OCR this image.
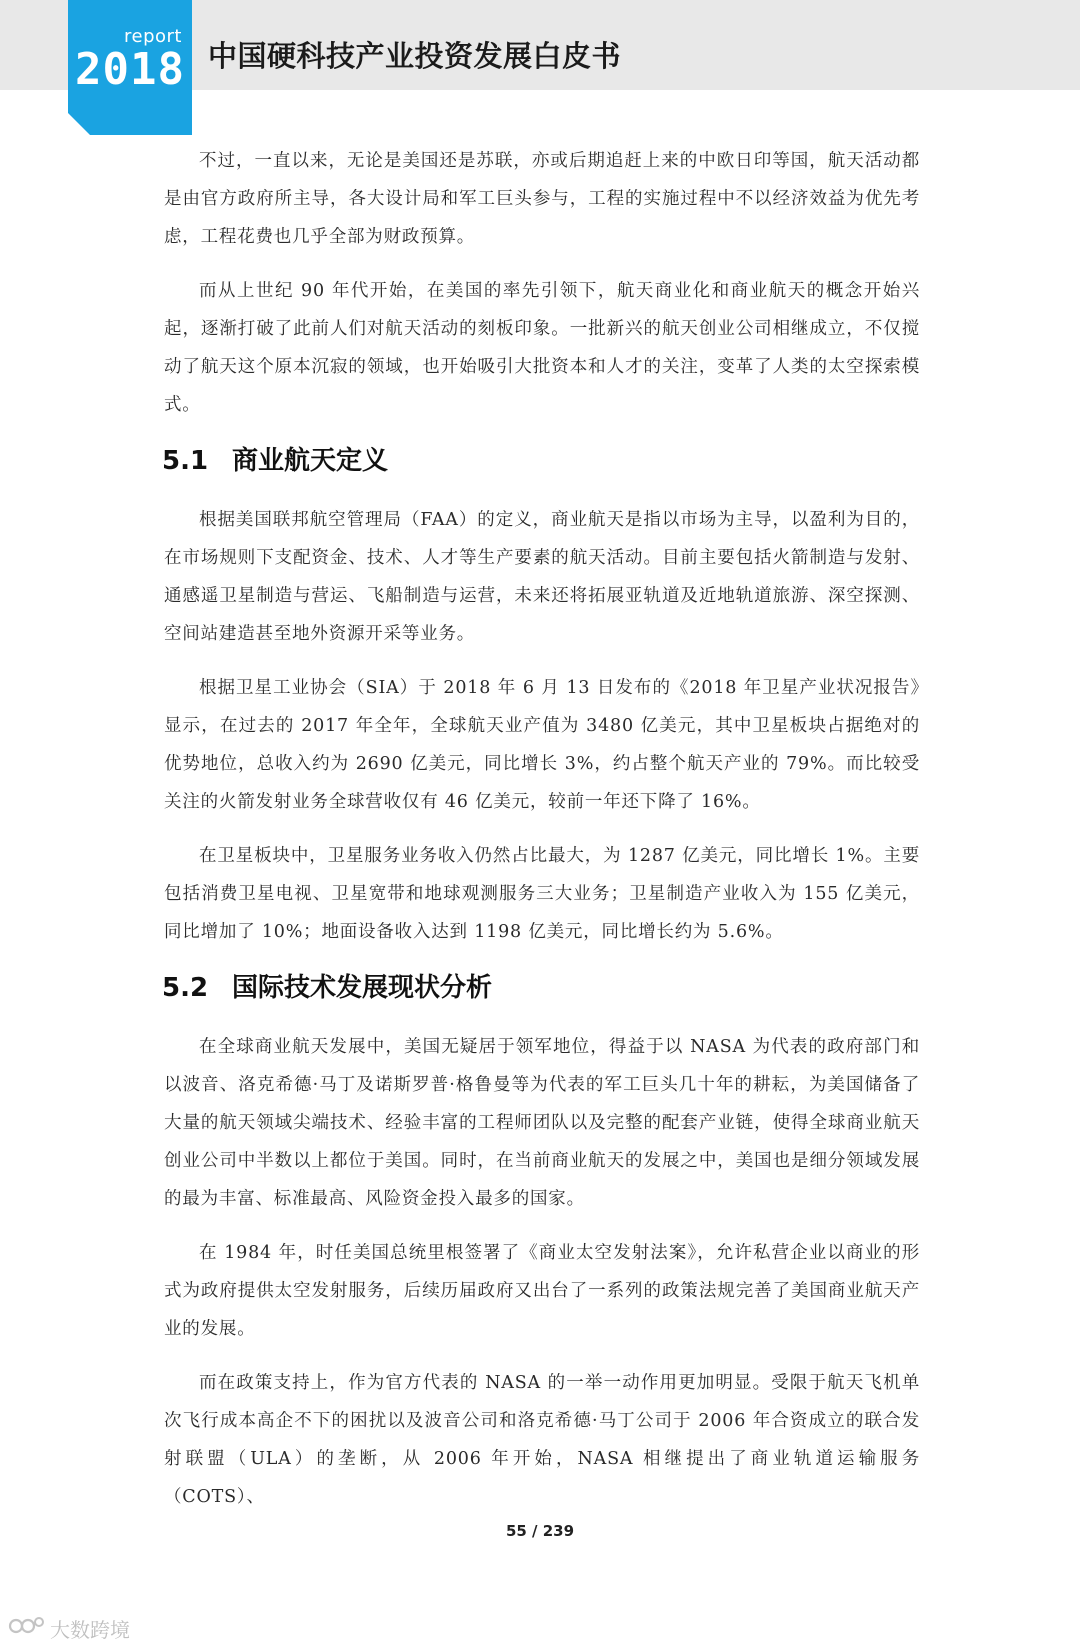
report
2018 中国硬科技产业投资发展白皮书

不过，一直以来，无论是美国还是苏联，亦或后期追赶上来的中欧日印等国，航天活动都是由官方政府所主导，各大设计局和军工巨头参与，工程的实施过程中不以经济效益为优先考虑，工程花费也几乎全部为财政预算。

而从上世纪 90 年代开始，在美国的率先引领下，航天商业化和商业航天的概念开始兴起，逐渐打破了此前人们对航天活动的刻板印象。一批新兴的航天创业公司相继成立，不仅搅动了航天这个原本沉寂的领域，也开始吸引大批资本和人才的关注，变革了人类的太空探索模式。

5.1 商业航天定义

根据美国联邦航空管理局（FAA）的定义，商业航天是指以市场为主导，以盈利为目的，在市场规则下支配资金、技术、人才等生产要素的航天活动。目前主要包括火箭制造与发射、通感遥卫星制造与营运、飞船制造与运营，未来还将拓展亚轨道及近地轨道旅游、深空探测、空间站建造甚至地外资源开采等业务。

根据卫星工业协会（SIA）于 2018 年 6 月 13 日发布的《2018 年卫星产业状况报告》显示，在过去的 2017 年全年，全球航天业产值为 3480 亿美元，其中卫星板块占据绝对的优势地位，总收入约为 2690 亿美元，同比增长 3%，约占整个航天产业的 79%。而比较受关注的火箭发射业务全球营收仅有 46 亿美元，较前一年还下降了 16%。

在卫星板块中，卫星服务业务收入仍然占比最大，为 1287 亿美元，同比增长 1%。主要包括消费卫星电视、卫星宽带和地球观测服务三大业务；卫星制造产业收入为 155 亿美元，同比增加了 10%；地面设备收入达到 1198 亿美元，同比增长约为 5.6%。

5.2 国际技术发展现状分析

在全球商业航天发展中，美国无疑居于领军地位，得益于以 NASA 为代表的政府部门和以波音、洛克希德·马丁及诺斯罗普·格鲁曼等为代表的军工巨头几十年的耕耘，为美国储备了大量的航天领域尖端技术、经验丰富的工程师团队以及完整的配套产业链，使得全球商业航天创业公司中半数以上都位于美国。同时，在当前商业航天的发展之中，美国也是细分领域发展的最为丰富、标准最高、风险资金投入最多的国家。

在 1984 年，时任美国总统里根签署了《商业太空发射法案》，允许私营企业以商业的形式为政府提供太空发射服务，后续历届政府又出台了一系列的政策法规完善了美国商业航天产业的发展。

而在政策支持上，作为官方代表的 NASA 的一举一动作用更加明显。受限于航天飞机单次飞行成本高企不下的困扰以及波音公司和洛克希德·马丁公司于 2006 年合资成立的联合发射联盟（ULA）的垄断，从 2006 年开始，NASA 相继提出了商业轨道运输服务（COTS）、

55 / 239
大数跨境
